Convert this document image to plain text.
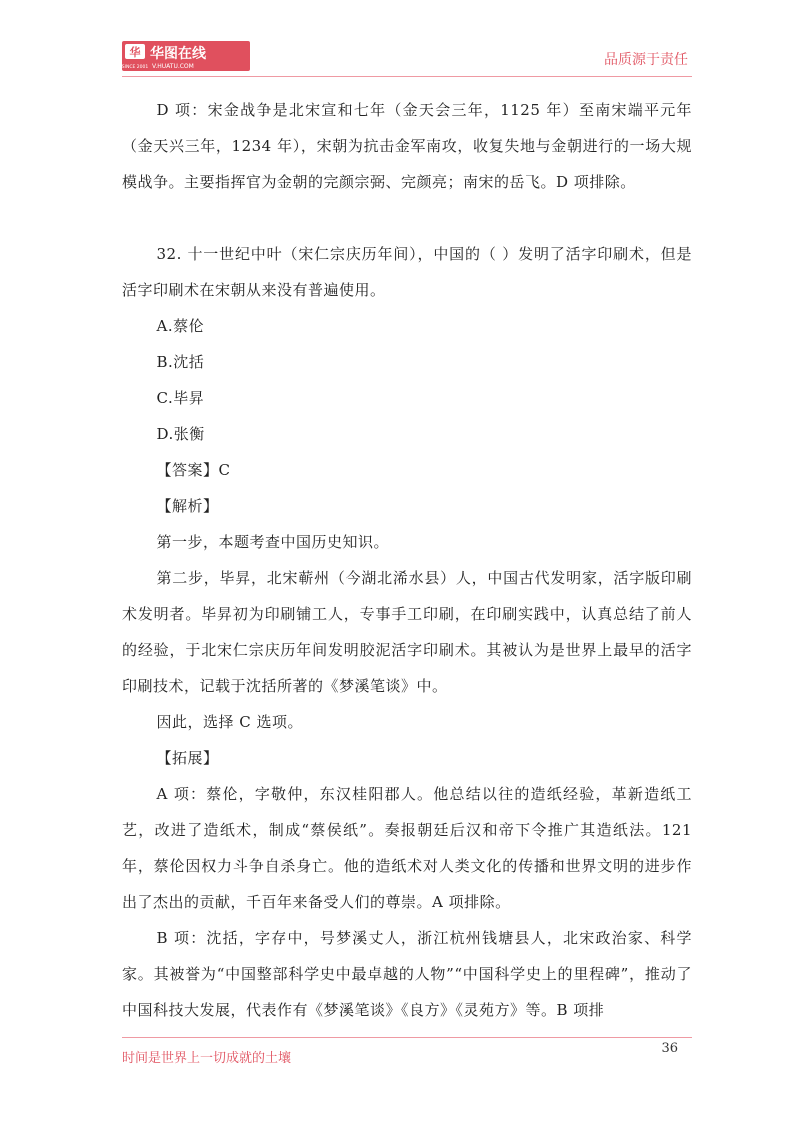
华
SINCE 2001
华图在线
V.HUATU.COM	品质源于责任

D 项：宋金战争是北宋宣和七年（金天会三年，1125 年）至南宋端平元年（金天兴三年，1234 年），宋朝为抗击金军南攻，收复失地与金朝进行的一场大规模战争。主要指挥官为金朝的完颜宗弼、完颜亮；南宋的岳飞。D 项排除。

32. 十一世纪中叶（宋仁宗庆历年间），中国的（ ）发明了活字印刷术，但是活字印刷术在宋朝从来没有普遍使用。

A.蔡伦

B.沈括

C.毕昇

D.张衡

【答案】C

【解析】

第一步，本题考查中国历史知识。

第二步，毕昇，北宋蕲州（今湖北浠水县）人，中国古代发明家，活字版印刷术发明者。毕昇初为印刷铺工人，专事手工印刷，在印刷实践中，认真总结了前人的经验，于北宋仁宗庆历年间发明胶泥活字印刷术。其被认为是世界上最早的活字印刷技术，记载于沈括所著的《梦溪笔谈》中。

因此，选择 C 选项。

【拓展】

A 项：蔡伦，字敬仲，东汉桂阳郡人。他总结以往的造纸经验，革新造纸工艺，改进了造纸术，制成“蔡侯纸”。奏报朝廷后汉和帝下令推广其造纸法。121 年，蔡伦因权力斗争自杀身亡。他的造纸术对人类文化的传播和世界文明的进步作出了杰出的贡献，千百年来备受人们的尊崇。A 项排除。

B 项：沈括，字存中，号梦溪丈人，浙江杭州钱塘县人，北宋政治家、科学家。其被誉为“中国整部科学史中最卓越的人物”“中国科学史上的里程碑”，推动了中国科技大发展，代表作有《梦溪笔谈》《良方》《灵苑方》等。B 项排

时间是世界上一切成就的土壤
36
